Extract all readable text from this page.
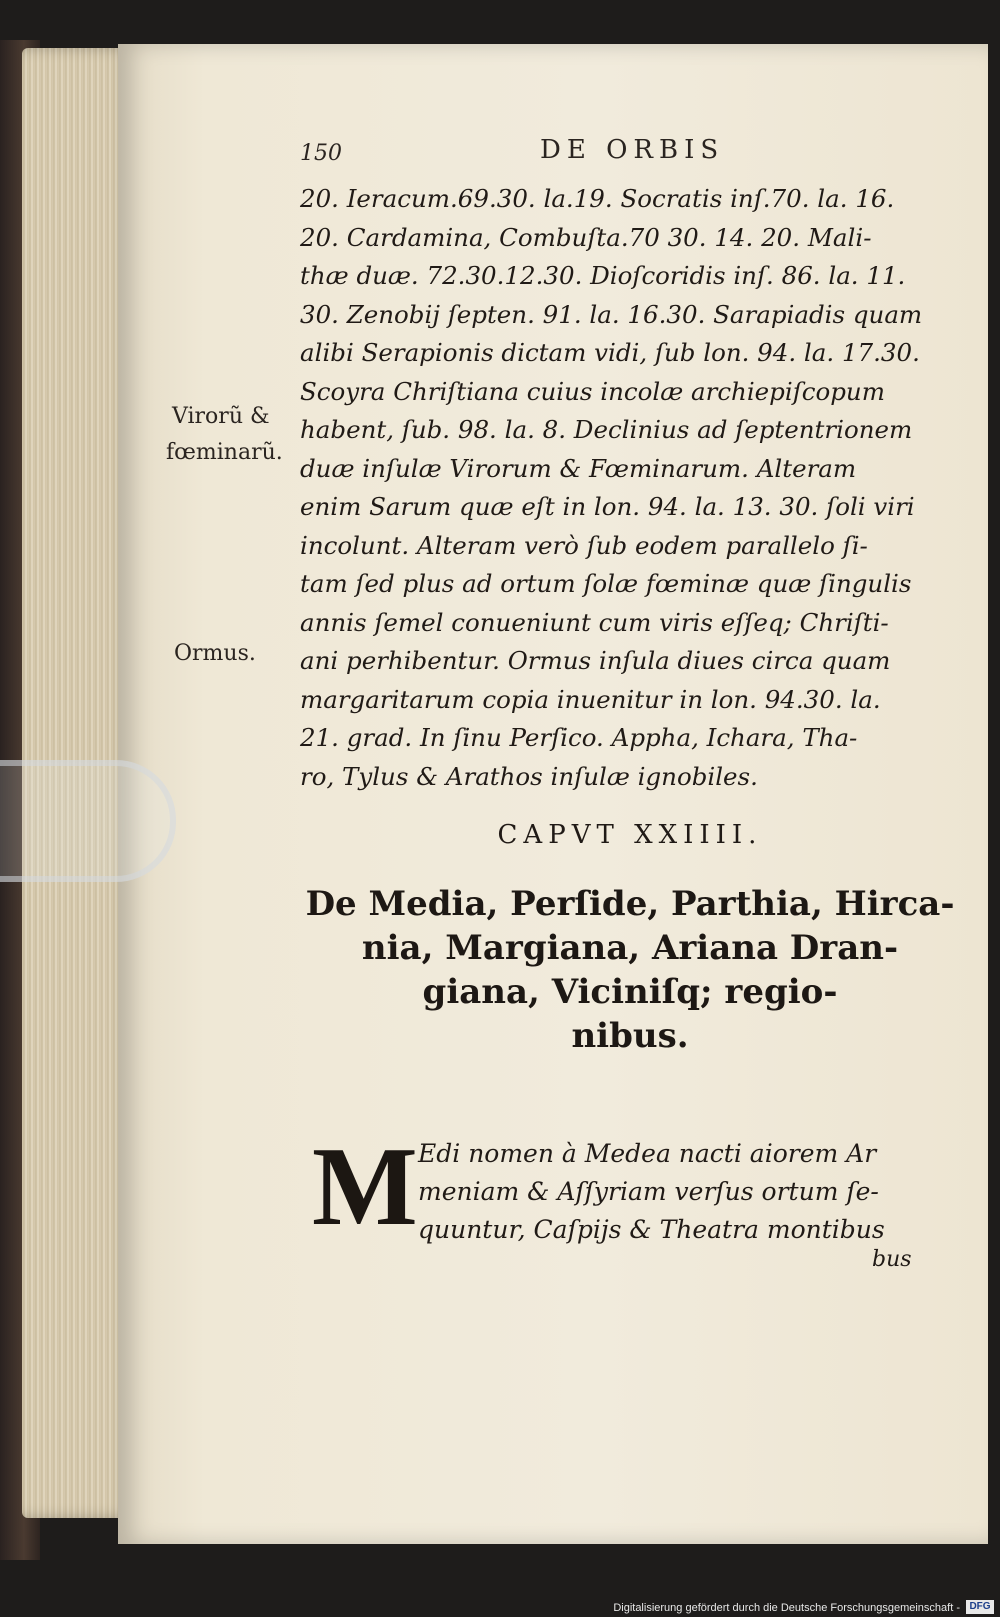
150	DE ORBIS
Virorũ &
fœminarũ.
Ormus.
20. Ieracum.69.30. la.19. Socratis inſ.70. la. 16.
20. Cardamina, Combuſta.70 30. 14. 20. Mali-
thæ duæ. 72.30.12.30. Dioſcoridis inſ. 86. la. 11.
30. Zenobij ſepten. 91. la. 16.30. Sarapiadis quam
alibi Serapionis dictam vidi, ſub lon. 94. la. 17.30.
Scoyra Chriſtiana cuius incolæ archiepiſcopum
habent, ſub. 98. la. 8. Declinius ad ſeptentrionem
duæ inſulæ Virorum & Fœminarum. Alteram
enim Sarum quæ eſt in lon. 94. la. 13. 30. ſoli viri
incolunt. Alteram verò ſub eodem parallelo ſi-
tam ſed plus ad ortum ſolæ fœminæ quæ ſingulis
annis ſemel conueniunt cum viris eſſeq; Chriſti-
ani perhibentur. Ormus inſula diues circa quam
margaritarum copia inuenitur in lon. 94.30. la.
21. grad. In ſinu Perſico. Appha, Ichara, Tha-
ro, Tylus & Arathos inſulæ ignobiles.
CAPVT XXIIII.
De Media, Perſide, Parthia, Hirca-
nia, Margiana, Ariana Dran-
giana, Viciniſq; regio-
nibus.
M Edi nomen à Medea nacti aiorem Ar
meniam & Aſſyriam verſus ortum ſe-
quuntur, Caſpijs & Theatra montibus
bus
Digitalisierung gefördert durch die Deutsche Forschungsgemeinschaft - DFG
